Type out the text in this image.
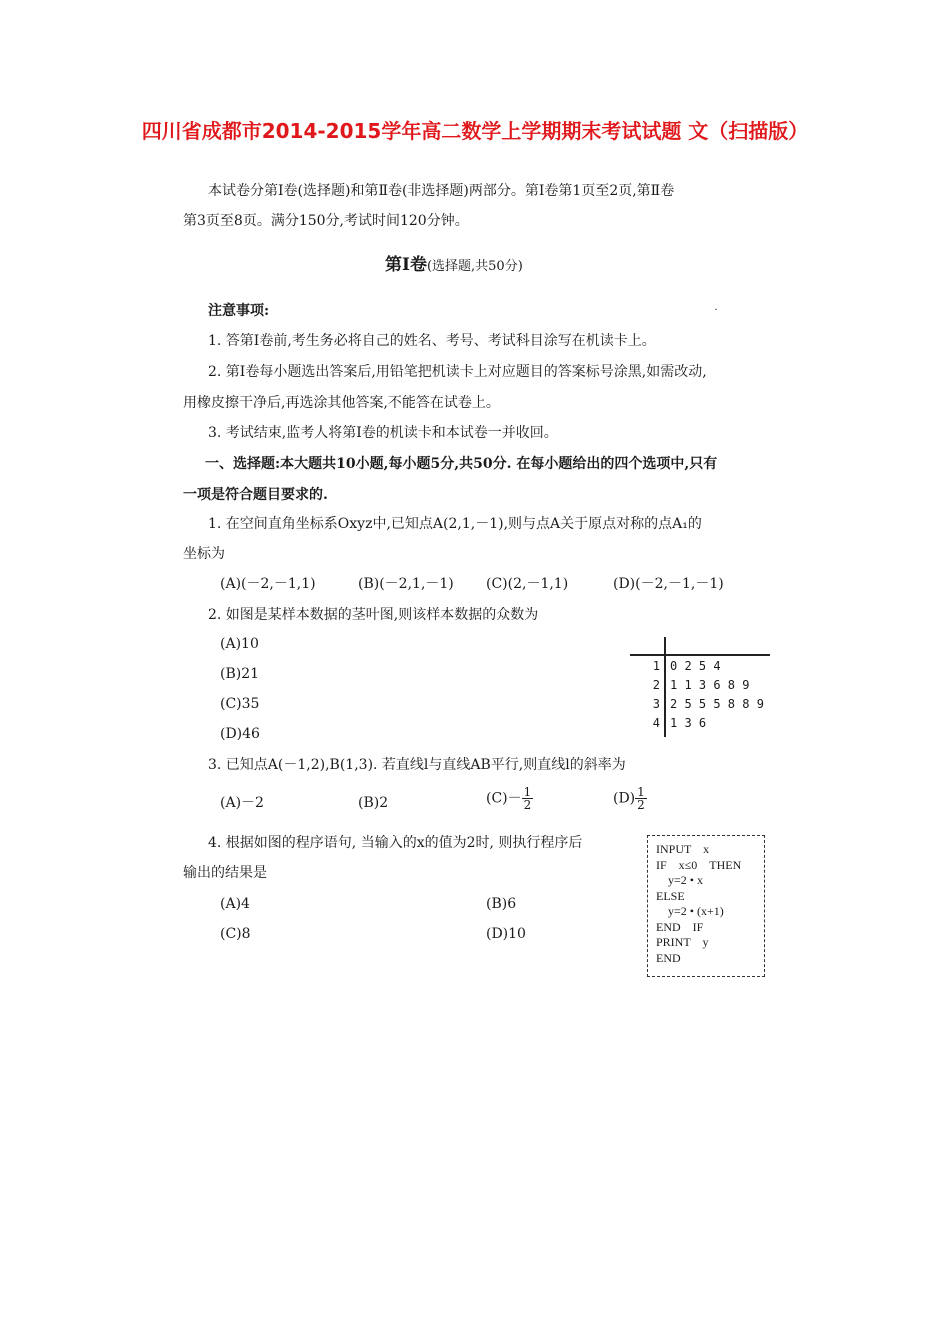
四川省成都市2014-2015学年高二数学上学期期末考试试题 文（扫描版）
本试卷分第Ⅰ卷(选择题)和第Ⅱ卷(非选择题)两部分。第Ⅰ卷第1页至2页,第Ⅱ卷
第3页至8页。满分150分,考试时间120分钟。
第Ⅰ卷(选择题,共50分)
注意事项:	˙
1. 答第Ⅰ卷前,考生务必将自己的姓名、考号、考试科目涂写在机读卡上。
2. 第Ⅰ卷每小题选出答案后,用铅笔把机读卡上对应题目的答案标号涂黑,如需改动,
用橡皮擦干净后,再选涂其他答案,不能答在试卷上。
3. 考试结束,监考人将第Ⅰ卷的机读卡和本试卷一并收回。
一、选择题:本大题共10小题,每小题5分,共50分. 在每小题给出的四个选项中,只有
一项是符合题目要求的.
1. 在空间直角坐标系Oxyz中,已知点A(2,1,－1),则与点A关于原点对称的点A₁的
坐标为
(A)(－2,－1,1)	(B)(－2,1,－1) (C)(2,－1,1)	(D)(－2,－1,－1)
2. 如图是某样本数据的茎叶图,则该样本数据的众数为
(A)10
(B)21
(C)35
(D)46
1 0 2 5 4
2 1 1 3 6 8 9
3 2 5 5 5 8 8 9
4 1 3 6
3. 已知点A(－1,2),B(1,3). 若直线l与直线AB平行,则直线l的斜率为
(A)－2	(B)2	$(C)- \frac{1}{2}$	$(D) \frac{1}{2}$
4. 根据如图的程序语句, 当输入的x的值为2时, 则执行程序后
输出的结果是
(A)4	(B)6
(C)8	(D)10
INPUT　x
IF　x≤0　THEN
　y=2 • x
ELSE
　y=2 • (x+1)
END　IF
PRINT　y
END
